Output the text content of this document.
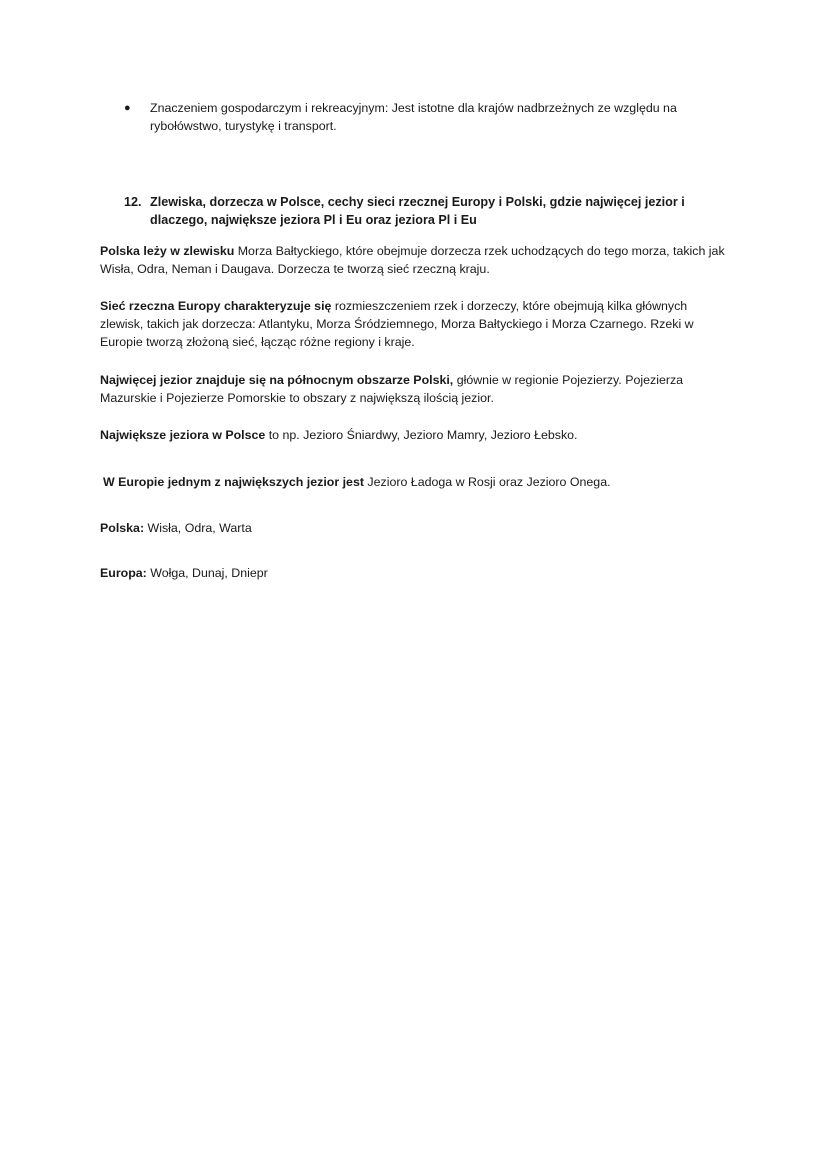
●	Znaczeniem gospodarczym i rekreacyjnym: Jest istotne dla krajów nadbrzeżnych ze względu na rybołówstwo, turystykę i transport.
12. Zlewiska, dorzecza w Polsce, cechy sieci rzecznej Europy i Polski, gdzie najwięcej jezior i dlaczego, największe jeziora Pl i Eu oraz jeziora Pl i Eu

Polska leży w zlewisku Morza Bałtyckiego, które obejmuje dorzecza rzek uchodzących do tego morza, takich jak Wisła, Odra, Neman i Daugava. Dorzecza te tworzą sieć rzeczną kraju.

Sieć rzeczna Europy charakteryzuje się rozmieszczeniem rzek i dorzeczy, które obejmują kilka głównych zlewisk, takich jak dorzecza: Atlantyku, Morza Śródziemnego, Morza Bałtyckiego i Morza Czarnego. Rzeki w Europie tworzą złożoną sieć, łącząc różne regiony i kraje.

Najwięcej jezior znajduje się na północnym obszarze Polski, głównie w regionie Pojezierzy. Pojezierza Mazurskie i Pojezierze Pomorskie to obszary z największą ilością jezior.

Największe jeziora w Polsce to np. Jezioro Śniardwy, Jezioro Mamry, Jezioro Łebsko.

W Europie jednym z największych jezior jest Jezioro Ładoga w Rosji oraz Jezioro Onega.

Polska: Wisła, Odra, Warta

Europa: Wołga, Dunaj, Dniepr
